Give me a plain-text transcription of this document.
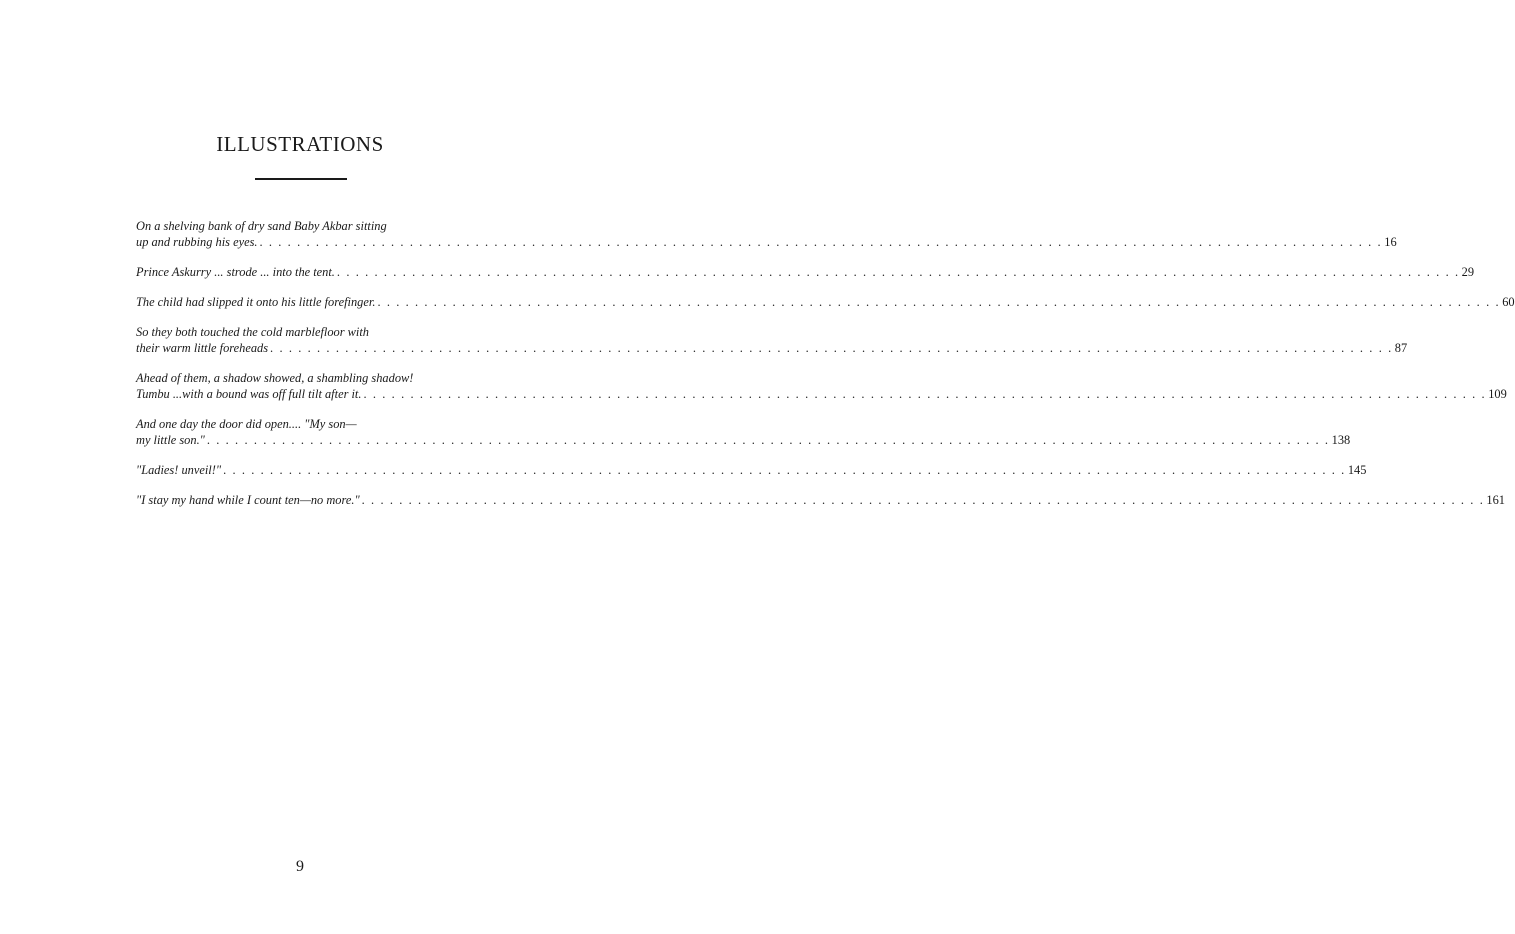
ILLUSTRATIONS
On a shelving bank of dry sand Baby Akbar sitting
up and rubbing his eyes. . . . . . . . . . . . . . . . . . . . . . . . . . . . . . . . . . . . . . . . . . . . . . . . . . . . . . . . . . . . . . . . . . . . . . . . . . . . . . . . . . . . . . . . . . . . . . . . . . . . . . . . . . . . . . . . . . . . . . . . . 16
Prince Askurry ... strode ... into the tent. . . . . . . . . . . . . . . . . . . . . . . . . . . . . . . . . . . . . . . . . . . . . . . . . . . . . . . . . . . . . . . . . . . . . . . . . . . . . . . . . . . . . . . . . . . . . . . . . . . . . . . . . . . . . . . . . . . . . . . . . 29
The child had slipped it onto his little forefinger. . . . . . . . . . . . . . . . . . . . . . . . . . . . . . . . . . . . . . . . . . . . . . . . . . . . . . . . . . . . . . . . . . . . . . . . . . . . . . . . . . . . . . . . . . . . . . . . . . . . . . . . . . . . . . . . . . . . . . . . . 60
So they both touched the cold marblefloor with
their warm little foreheads . . . . . . . . . . . . . . . . . . . . . . . . . . . . . . . . . . . . . . . . . . . . . . . . . . . . . . . . . . . . . . . . . . . . . . . . . . . . . . . . . . . . . . . . . . . . . . . . . . . . . . . . . . . . . . . . . . . . . . . . 87
Ahead of them, a shadow showed, a shambling shadow!
Tumbu ...with a bound was off full tilt after it. . . . . . . . . . . . . . . . . . . . . . . . . . . . . . . . . . . . . . . . . . . . . . . . . . . . . . . . . . . . . . . . . . . . . . . . . . . . . . . . . . . . . . . . . . . . . . . . . . . . . . . . . . . . . . . . . . . . . . . . . 109
And one day the door did open.... "My son—
my little son." . . . . . . . . . . . . . . . . . . . . . . . . . . . . . . . . . . . . . . . . . . . . . . . . . . . . . . . . . . . . . . . . . . . . . . . . . . . . . . . . . . . . . . . . . . . . . . . . . . . . . . . . . . . . . . . . . . . . . . . . 138
"Ladies! unveil!" . . . . . . . . . . . . . . . . . . . . . . . . . . . . . . . . . . . . . . . . . . . . . . . . . . . . . . . . . . . . . . . . . . . . . . . . . . . . . . . . . . . . . . . . . . . . . . . . . . . . . . . . . . . . . . . . . . . . . . . . 145
"I stay my hand while I count ten—no more." . . . . . . . . . . . . . . . . . . . . . . . . . . . . . . . . . . . . . . . . . . . . . . . . . . . . . . . . . . . . . . . . . . . . . . . . . . . . . . . . . . . . . . . . . . . . . . . . . . . . . . . . . . . . . . . . . . . . . . . . 161
9
